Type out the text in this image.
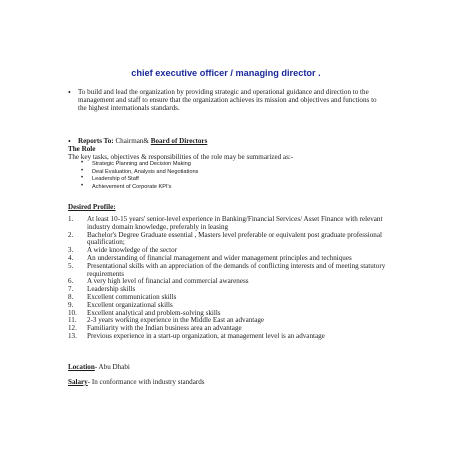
chief executive officer / managing director .
• To build and lead the organization by providing strategic and operational guidance and direction to the management and staff to ensure that the organization achieves its mission and objectives and functions to the highest internationals standards.
• Reports To: Chairman& Board of Directors
The Role
The key tasks, objectives & responsibilities of the role may be summarized as:-
• Strategic Planning and Decision Making
• Deal Evaluation, Analysis and Negotiations
• Leadership of Staff
• Achievement of Corporate KPI's
Desired Profile:
1. At least 10-15 years' senior-level experience in Banking/Financial Services/ Asset Finance with relevant industry domain knowledge, preferably in leasing
2. Bachelor's Degree Graduate essential , Masters level preferable or equivalent post graduate professional qualification;
3. A wide knowledge of the sector
4. An understanding of financial management and wider management principles and techniques
5. Presentational skills with an appreciation of the demands of conflicting interests and of meeting statutory requirements
6. A very high level of financial and commercial awareness
7. Leadership skills
8. Excellent communication skills
9. Excellent organizational skills
10. Excellent analytical and problem-solving skills
11. 2-3 years working experience in the Middle East an advantage
12. Familiarity with the Indian business area an advantage
13. Previous experience in a start-up organization, at management level is an advantage
Location- Abu Dhabi
Salary- In conformance with industry standards
